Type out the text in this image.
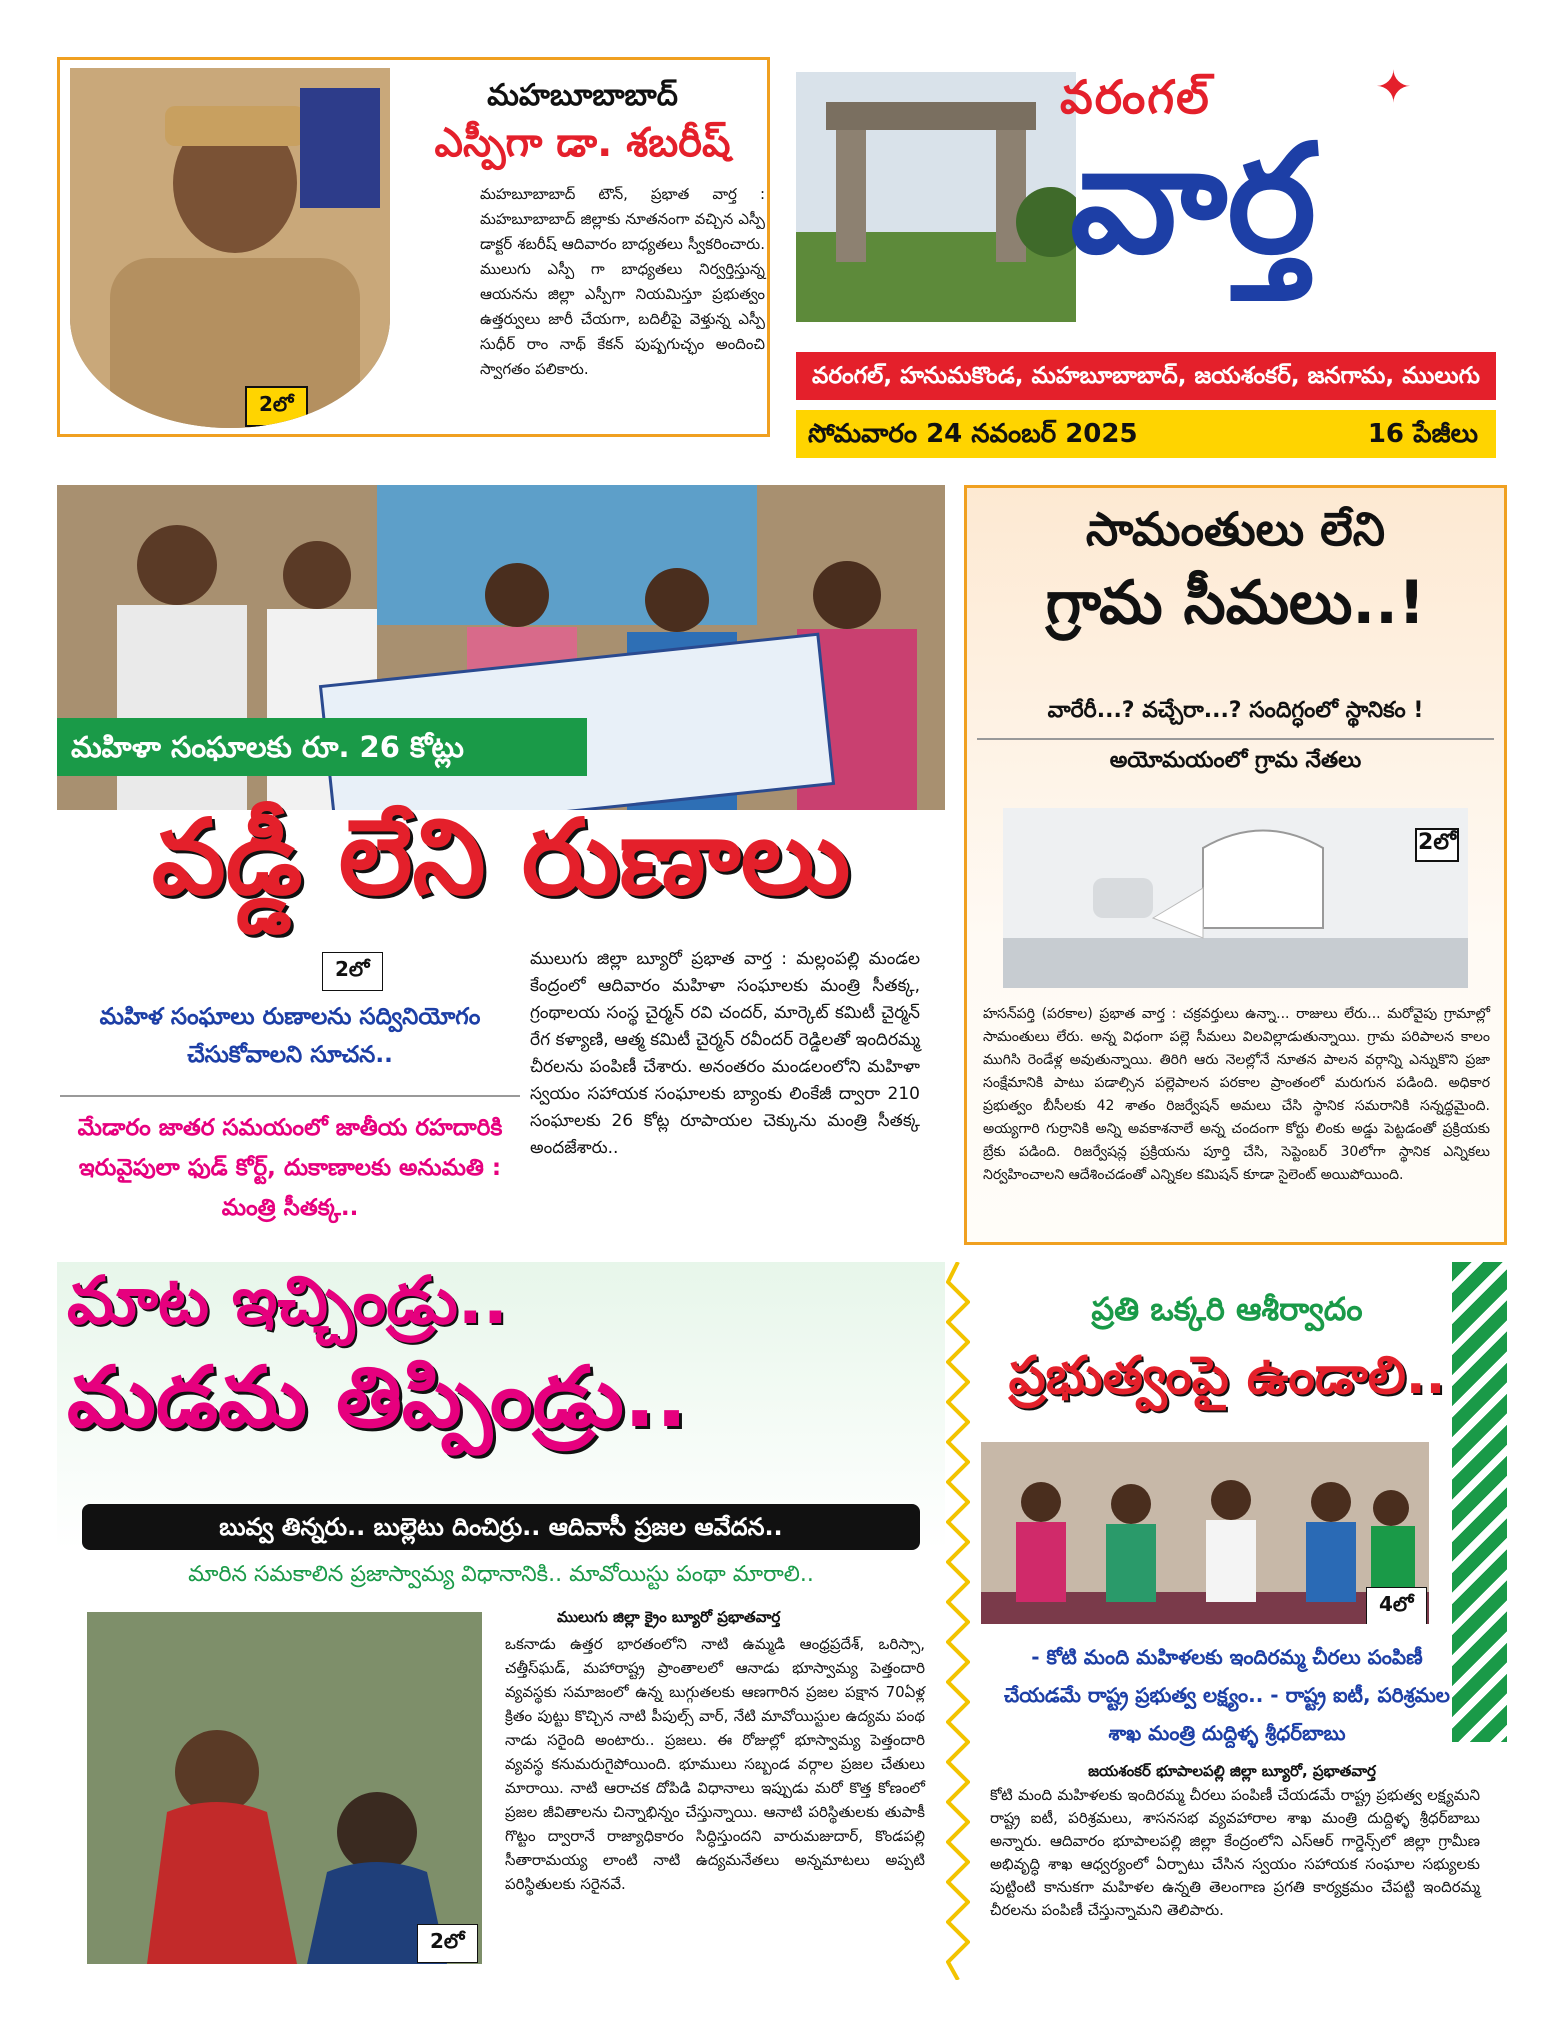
2లో
మహబూబాబాద్
ఎస్పీగా డా. శబరీష్
మహబూబాబాద్ టౌన్, ప్రభాత వార్త : మహబూబాబాద్ జిల్లాకు నూతనంగా వచ్చిన ఎస్పీ డాక్టర్ శబరీష్ ఆదివారం బాధ్యతలు స్వీకరించారు. ములుగు ఎస్పీ గా బాధ్యతలు నిర్వర్తిస్తున్న ఆయనను జిల్లా ఎస్పీగా నియమిస్తూ ప్రభుత్వం ఉత్తర్వులు జారీ చేయగా, బదిలీపై వెళ్తున్న ఎస్పీ సుధీర్ రాం నాథ్ కేకన్ పుష్పగుచ్ఛం అందించి స్వాగతం పలికారు.
వరంగల్	✦
వార్త
వరంగల్, హనుమకొండ, మహబూబాబాద్, జయశంకర్, జనగామ, ములుగు
సోమవారం 24 నవంబర్ 2025	16 పేజీలు
మహిళా సంఘాలకు రూ. 26 కోట్లు
వడ్డీ లేని రుణాలు
2లో
మహిళ సంఘాలు రుణాలను సద్వినియోగం చేసుకోవాలని సూచన..
మేడారం జాతర సమయంలో జాతీయ రహదారికి ఇరువైపులా ఫుడ్ కోర్ట్, దుకాణాలకు అనుమతి : మంత్రి సీతక్క..
ములుగు జిల్లా బ్యూరో ప్రభాత వార్త : మల్లంపల్లి మండల కేంద్రంలో ఆదివారం మహిళా సంఘాలకు మంత్రి సీతక్క, గ్రంథాలయ సంస్థ చైర్మన్ రవి చందర్, మార్కెట్ కమిటీ చైర్మన్ రేగ కళ్యాణి, ఆత్మ కమిటీ చైర్మన్ రవీందర్ రెడ్డిలతో ఇందిరమ్మ చీరలను పంపిణీ చేశారు. అనంతరం మండలంలోని మహిళా స్వయం సహాయక సంఘాలకు బ్యాంకు లింకేజీ ద్వారా 210 సంఘాలకు 26 కోట్ల రూపాయల చెక్కును మంత్రి సీతక్క అందజేశారు..
సామంతులు లేని
గ్రామ సీమలు..!
వారేరీ...? వచ్చేరా...? సందిగ్ధంలో స్థానికం !
అయోమయంలో గ్రామ నేతలు
2లో
హసన్‌పర్తి (పరకాల) ప్రభాత వార్త : చక్రవర్తులు ఉన్నా... రాజులు లేరు... మరోవైపు గ్రామాల్లో సామంతులు లేరు. అన్న విధంగా పల్లె సీమలు విలవిల్లాడుతున్నాయి. గ్రామ పరిపాలన కాలం ముగిసి రెండేళ్ల అవుతున్నాయి. తిరిగి ఆరు నెలల్లోనే నూతన పాలన వర్గాన్ని ఎన్నుకొని ప్రజా సంక్షేమానికి పాటు పడాల్సిన పల్లెపాలన పరకాల ప్రాంతంలో మరుగున పడింది. అధికార ప్రభుత్వం బీసీలకు 42 శాతం రిజర్వేషన్ అమలు చేసి స్థానిక సమరానికి సన్నద్ధమైంది. అయ్యగారి గుర్రానికి అన్ని అవకాశనాలే అన్న చందంగా కోర్టు లింకు అడ్డు పెట్టడంతో ప్రక్రియకు బ్రేకు పడింది. రిజర్వేషన్ల ప్రక్రియను పూర్తి చేసి, సెప్టెంబర్ 30లోగా స్థానిక ఎన్నికలు నిర్వహించాలని ఆదేశించడంతో ఎన్నికల కమిషన్ కూడా సైలెంట్ అయిపోయింది.
మాట ఇచ్చిండ్రు..
మడమ తిప్పిండ్రు..
బువ్వ తిన్నరు.. బుల్లెటు దించిర్రు.. ఆదివాసీ ప్రజల ఆవేదన..
మారిన సమకాలిన ప్రజాస్వామ్య విధానానికి.. మావోయిస్టు పంథా మారాలి..
2లో
ములుగు జిల్లా క్రైం బ్యూరో ప్రభాతవార్త
ఒకనాడు ఉత్తర భారతంలోని నాటి ఉమ్మడి ఆంధ్రప్రదేశ్, ఒరిస్సా, చత్తీస్‌ఘడ్, మహారాష్ట్ర ప్రాంతాలలో ఆనాడు భూస్వామ్య పెత్తందారి వ్యవస్థకు సమాజంలో ఉన్న బుగ్గుతలకు ఆణగారిన ప్రజల పక్షాన 70ఏళ్ల క్రితం పుట్టు కొచ్చిన నాటి పీపుల్స్ వార్, నేటి మావోయిస్టుల ఉద్యమ పంథ నాడు సరైంది అంటారు.. ప్రజలు. ఈ రోజుల్లో భూస్వామ్య పెత్తందారి వ్యవస్థ కనుమరుగైపోయింది. భూములు సబ్బండ వర్గాల ప్రజల చేతులు మారాయి. నాటి ఆరాచక దోపిడి విధానాలు ఇప్పుడు మరో కొత్త కోణంలో ప్రజల జీవితాలను చిన్నాభిన్నం చేస్తున్నాయి. ఆనాటి పరిస్థితులకు తుపాకీ గొట్టం ద్వారానే రాజ్యాధికారం సిద్ధిస్తుందని వారుమజుదార్, కొండపల్లి సీతారామయ్య లాంటి నాటి ఉద్యమనేతలు అన్నమాటలు అప్పటి పరిస్థితులకు సరైనవే.
ప్రతి ఒక్కరి ఆశీర్వాదం
ప్రభుత్వంపై ఉండాలి..
4లో
- కోటి మంది మహిళలకు ఇందిరమ్మ చీరలు పంపిణీ చేయడమే రాష్ట్ర ప్రభుత్వ లక్ష్యం.. - రాష్ట్ర ఐటీ, పరిశ్రమల శాఖ మంత్రి దుద్దిళ్ళ శ్రీధర్‌బాబు
జయశంకర్ భూపాలపల్లి జిల్లా బ్యూరో, ప్రభాతవార్త
కోటి మంది మహిళలకు ఇందిరమ్మ చీరలు పంపిణీ చేయడమే రాష్ట్ర ప్రభుత్వ లక్ష్యమని రాష్ట్ర ఐటీ, పరిశ్రమలు, శాసనసభ వ్యవహారాల శాఖ మంత్రి దుద్దిళ్ళ శ్రీధర్‌బాబు అన్నారు. ఆదివారం భూపాలపల్లి జిల్లా కేంద్రంలోని ఎస్ఆర్ గార్డెన్స్‌లో జిల్లా గ్రామీణ అభివృద్ధి శాఖ ఆధ్వర్యంలో ఏర్పాటు చేసిన స్వయం సహాయక సంఘాల సభ్యులకు పుట్టింటి కానుకగా మహిళల ఉన్నతి తెలంగాణ ప్రగతి కార్యక్రమం చేపట్టి ఇందిరమ్మ చీరలను పంపిణీ చేస్తున్నామని తెలిపారు.
